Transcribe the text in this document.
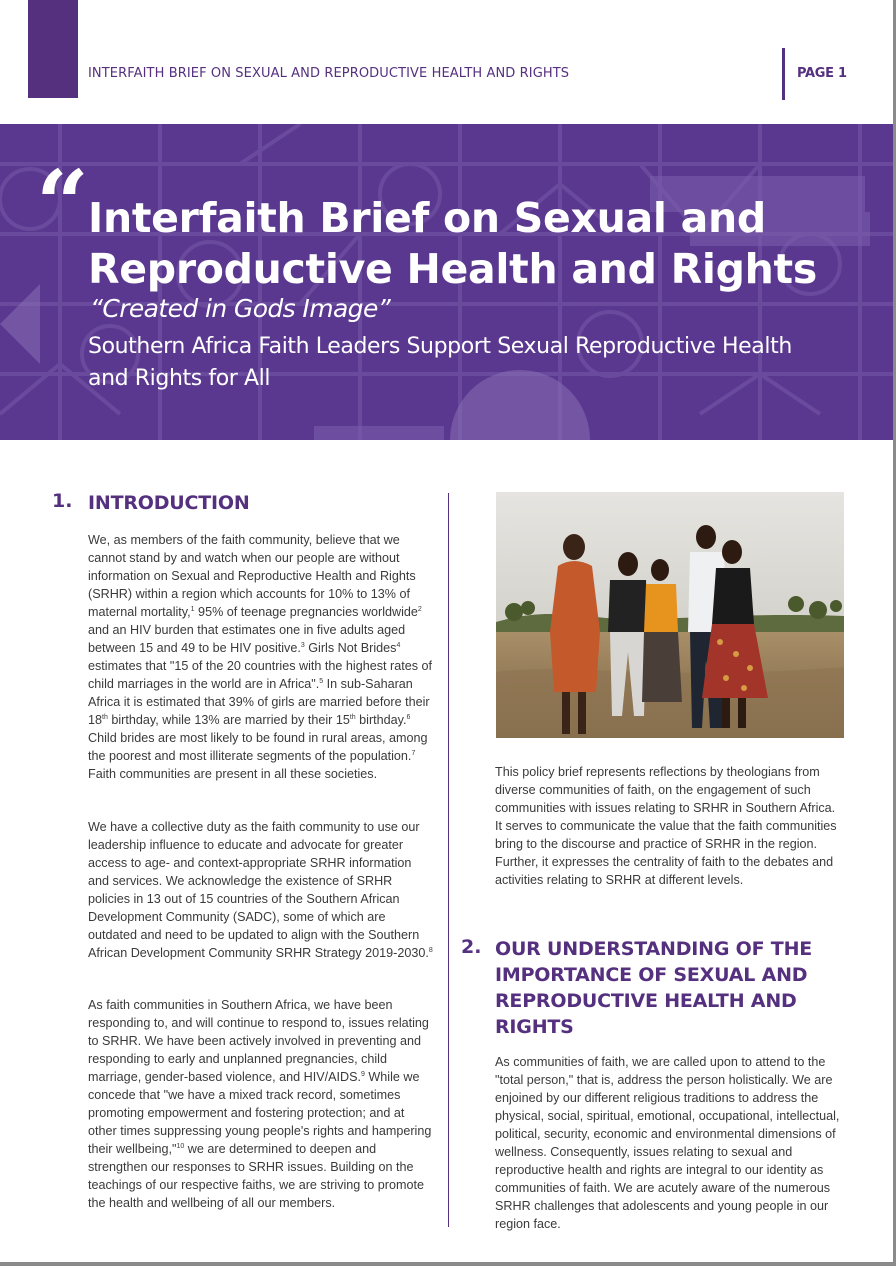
INTERFAITH BRIEF ON SEXUAL AND REPRODUCTIVE HEALTH AND RIGHTS	PAGE 1
“ Interfaith Brief on Sexual and Reproductive Health and Rights
“Created in Gods Image”
Southern Africa Faith Leaders Support Sexual Reproductive Health and Rights for All
1. INTRODUCTION

We, as members of the faith community, believe that we cannot stand by and watch when our people are without information on Sexual and Reproductive Health and Rights (SRHR) within a region which accounts for 10% to 13% of maternal mortality,$^1$ 95% of teenage pregnancies worldwide$^2$ and an HIV burden that estimates one in five adults aged between 15 and 49 to be HIV positive.$^3$ Girls Not Brides$^4$ estimates that "15 of the 20 countries with the highest rates of child marriages in the world are in Africa".$^5$ In sub-Saharan Africa it is estimated that 39% of girls are married before their 18th birthday, while 13% are married by their 15th birthday.$^6$ Child brides are most likely to be found in rural areas, among the poorest and most illiterate segments of the population.$^7$ Faith communities are present in all these societies.

We have a collective duty as the faith community to use our leadership influence to educate and advocate for greater access to age- and context-appropriate SRHR information and services. We acknowledge the existence of SRHR policies in 13 out of 15 countries of the Southern African Development Community (SADC), some of which are outdated and need to be updated to align with the Southern African Development Community SRHR Strategy 2019-2030.$^8$

As faith communities in Southern Africa, we have been responding to, and will continue to respond to, issues relating to SRHR. We have been actively involved in preventing and responding to early and unplanned pregnancies, child marriage, gender-based violence, and HIV/AIDS.$^9$ While we concede that "we have a mixed track record, sometimes promoting empowerment and fostering protection; and at other times suppressing young people's rights and hampering their wellbeing,"$^{10}$ we are determined to deepen and strengthen our responses to SRHR issues. Building on the teachings of our respective faiths, we are striving to promote the health and wellbeing of all our members.

This policy brief represents reflections by theologians from diverse communities of faith, on the engagement of such communities with issues relating to SRHR in Southern Africa. It serves to communicate the value that the faith communities bring to the discourse and practice of SRHR in the region. Further, it expresses the centrality of faith to the debates and activities relating to SRHR at different levels.

2. OUR UNDERSTANDING OF THE IMPORTANCE OF SEXUAL AND REPRODUCTIVE HEALTH AND RIGHTS

As communities of faith, we are called upon to attend to the "total person," that is, address the person holistically. We are enjoined by our different religious traditions to address the physical, social, spiritual, emotional, occupational, intellectual, political, security, economic and environmental dimensions of wellness. Consequently, issues relating to sexual and reproductive health and rights are integral to our identity as communities of faith. We are acutely aware of the numerous SRHR challenges that adolescents and young people in our region face.
